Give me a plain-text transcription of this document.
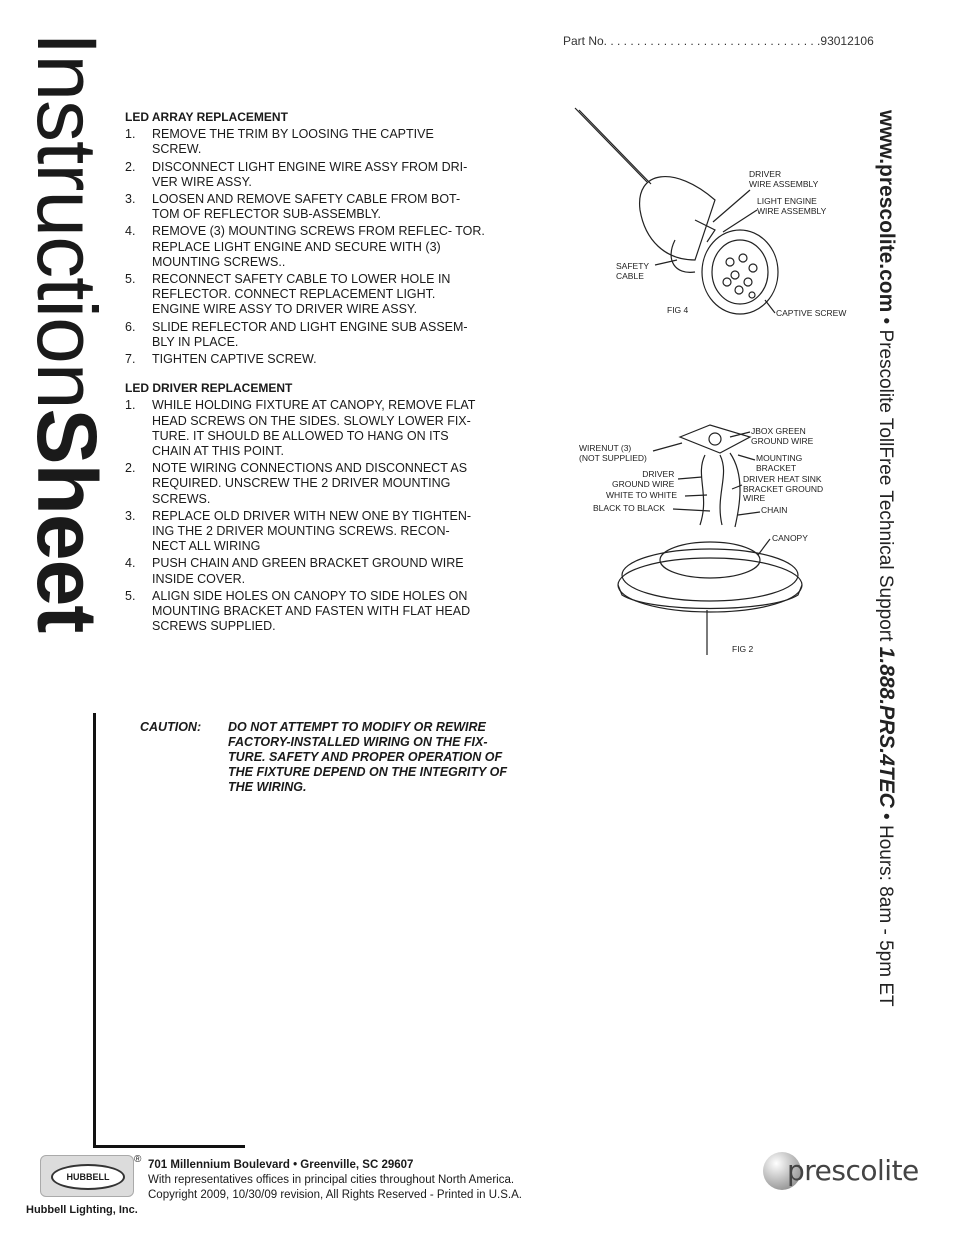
InstructionSheet
Part No. . . . . . . . . . . . . . . . . . . . . . . . . . . . . . . . .93012106
www.prescolite.com • Prescolite TollFree Technical Support 1.888.PRS.4TEC • Hours: 8am - 5pm ET
LED ARRAY REPLACEMENT
1.	REMOVE THE TRIM BY LOOSING THE CAPTIVE SCREW.
2.	DISCONNECT LIGHT ENGINE WIRE ASSY FROM DRI- VER WIRE ASSY.
3.	LOOSEN AND REMOVE SAFETY CABLE FROM BOT- TOM OF REFLECTOR SUB-ASSEMBLY.
4.	REMOVE (3) MOUNTING SCREWS FROM REFLEC- TOR. REPLACE LIGHT ENGINE AND SECURE WITH (3) MOUNTING SCREWS..
5.	RECONNECT SAFETY CABLE TO LOWER HOLE IN REFLECTOR. CONNECT REPLACEMENT LIGHT. ENGINE WIRE ASSY TO DRIVER WIRE ASSY.
6.	SLIDE REFLECTOR AND LIGHT ENGINE SUB ASSEM- BLY IN PLACE.
7.	TIGHTEN CAPTIVE SCREW.
LED DRIVER REPLACEMENT
1.	WHILE HOLDING FIXTURE AT CANOPY, REMOVE FLAT HEAD SCREWS ON THE SIDES. SLOWLY LOWER FIX- TURE. IT SHOULD BE ALLOWED TO HANG ON ITS CHAIN AT THIS POINT.
2.	NOTE WIRING CONNECTIONS AND DISCONNECT AS REQUIRED. UNSCREW THE 2 DRIVER MOUNTING SCREWS.
3.	REPLACE OLD DRIVER WITH NEW ONE BY TIGHTEN- ING THE 2 DRIVER MOUNTING SCREWS. RECON- NECT ALL WIRING
4.	PUSH CHAIN AND GREEN BRACKET GROUND WIRE INSIDE COVER.
5.	ALIGN SIDE HOLES ON CANOPY TO SIDE HOLES ON MOUNTING BRACKET AND FASTEN WITH FLAT HEAD SCREWS SUPPLIED.
CAUTION:	DO NOT ATTEMPT TO MODIFY OR REWIRE FACTORY-INSTALLED WIRING ON THE FIX- TURE. SAFETY AND PROPER OPERATION OF THE FIXTURE DEPEND ON THE INTEGRITY OF THE WIRING.
DRIVER
WIRE ASSEMBLY
LIGHT ENGINE
WIRE ASSEMBLY
SAFETY
CABLE
FIG 4	CAPTIVE SCREW
JBOX GREEN
GROUND WIRE
WIRENUT (3)
(NOT SUPPLIED)	MOUNTING
BRACKET
DRIVER
GROUND WIRE	DRIVER HEAT SINK
BRACKET GROUND
WIRE
WHITE TO WHITE
BLACK TO BLACK	CHAIN
CANOPY
FIG 2
HUBBELL
Hubbell Lighting, Inc.
® 701 Millennium Boulevard • Greenville, SC 29607
With representatives offices in principal cities throughout North America.
Copyright 2009, 10/30/09 revision, All Rights Reserved - Printed in U.S.A.
prescolite
